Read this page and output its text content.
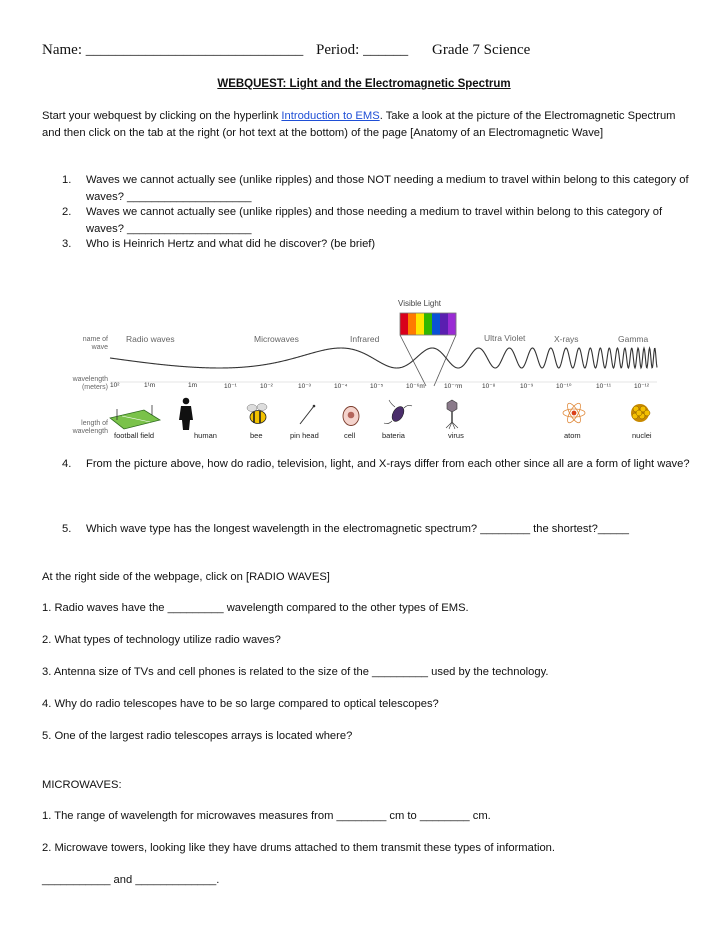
Name: _____________________________ Period: ______ Grade 7 Science
WEBQUEST: Light and the Electromagnetic Spectrum
Start your webquest by clicking on the hyperlink Introduction to EMS. Take a look at the picture of the Electromagnetic Spectrum and then click on the tab at the right (or hot text at the bottom) of the page [Anatomy of an Electromagnetic Wave]
1. Waves we cannot actually see (unlike ripples) and those NOT needing a medium to travel within belong to this category of waves? ____________________
2. Waves we cannot actually see (unlike ripples) and those needing a medium to travel within belong to this category of waves? ____________________
3. Who is Heinrich Hertz and what did he discover? (be brief)
Visible Light
name of
wave
Radio waves	Microwaves	Infrared	Ultra Violet	X-rays	Gamma
wavelength
(meters) 10²	1¹m	1m	10⁻¹	10⁻²	10⁻³	10⁻⁴	10⁻⁵	10⁻⁶m	10⁻⁷m	10⁻⁸	10⁻⁹	10⁻¹⁰	10⁻¹¹	10⁻¹²
length of
wavelength football field	human	bee	pin head	cell	bateria	virus	atom	nuclei
4. From the picture above, how do radio, television, light, and X-rays differ from each other since all are a form of light wave?
5. Which wave type has the longest wavelength in the electromagnetic spectrum? ________ the shortest?_____
At the right side of the webpage, click on [RADIO WAVES]
1. Radio waves have the _________ wavelength compared to the other types of EMS.
2. What types of technology utilize radio waves?
3. Antenna size of TVs and cell phones is related to the size of the _________ used by the technology.
4. Why do radio telescopes have to be so large compared to optical telescopes?
5. One of the largest radio telescopes arrays is located where?
MICROWAVES:
1. The range of wavelength for microwaves measures from ________ cm to ________ cm.
2. Microwave towers, looking like they have drums attached to them transmit these types of information.
___________ and _____________.
